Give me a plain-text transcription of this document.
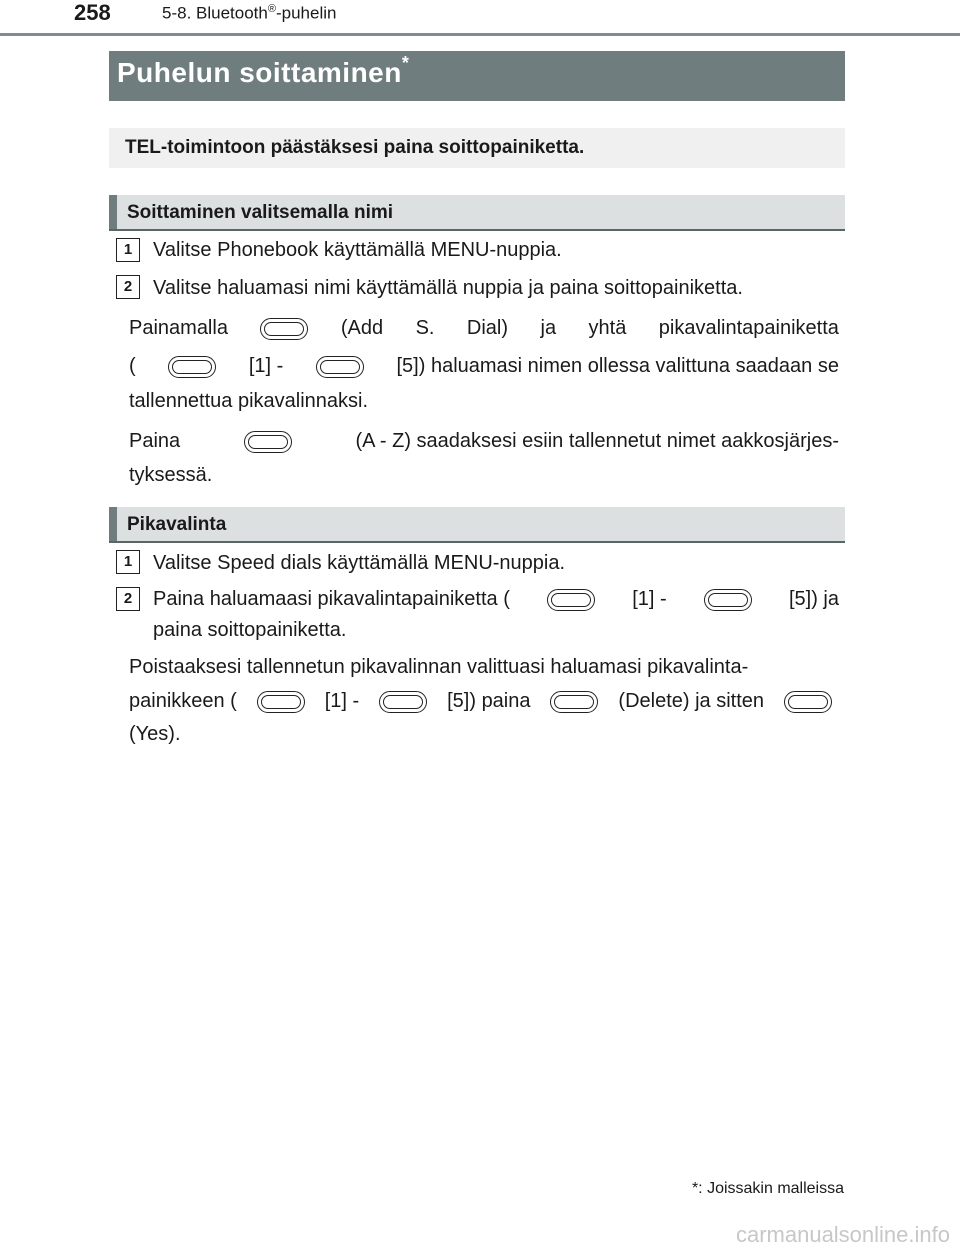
258	5-8. Bluetooth®-puhelin
Puhelun soittaminen*
TEL-toimintoon päästäksesi paina soittopainiketta.
Soittaminen valitsemalla nimi
1	Valitse Phonebook käyttämällä MENU-nuppia.
2	Valitse haluamasi nimi käyttämällä nuppia ja paina soittopainiketta.
Painamalla	(Add S. Dial) ja yhtä pikavalintapainiketta
(	[1] -	[5]) haluamasi nimen ollessa valittuna saadaan se
tallennettua pikavalinnaksi.
Paina	(A - Z) saadaksesi esiin tallennetut nimet aakkosjärjes-
tyksessä.
Pikavalinta
1	Valitse Speed dials käyttämällä MENU-nuppia.
2	Paina haluamaasi pikavalintapainiketta (	[1] -	[5]) ja
paina soittopainiketta.
Poistaaksesi tallennetun pikavalinnan valittuasi haluamasi pikavalinta-
painikkeen (	[1] -	[5]) paina	(Delete) ja sitten
(Yes).
*: Joissakin malleissa
carmanualsonline.info
